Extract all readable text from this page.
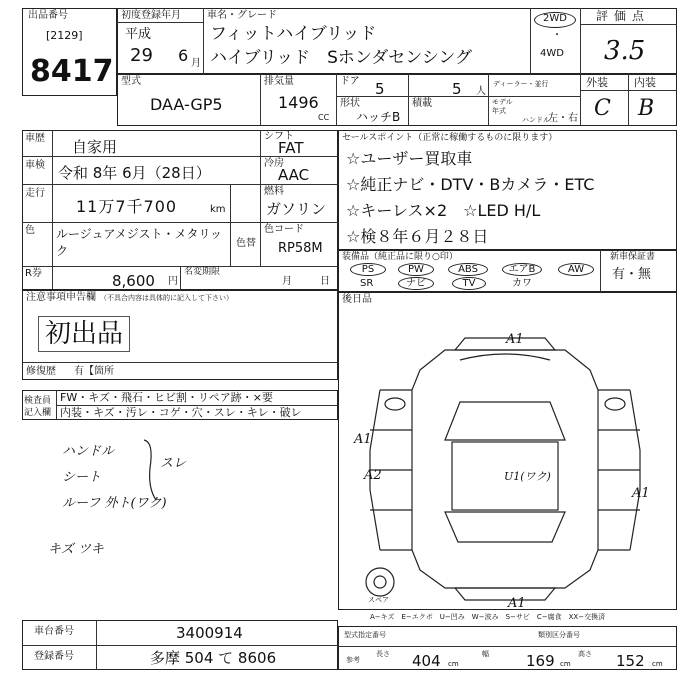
出品番号
[2129]
8417
初度登録年月
平成
29 6 月
車名・グレード
フィットハイブリッド
ハイブリッド　Sホンダセンシング
2WD
・
4WD
評価点
3.5
型式
DAA-GP5
排気量
1496
CC
ドア 5	5 人
形状
ハッチB
積載
ディーラー・並行
モデル年式
ハンドル
左・右
外装 内装
C B
車歴 自家用
シフト
FAT
車検 令和 8年 6月（28日）
冷房
AAC
走行
11万7千700	km
燃料
ガソリン
色 ルージュアメジスト・メタリック
色替
色コード
RP58M
R券	8,600 円
名変期限
月	日
セールスポイント（正常に稼働するものに限ります）
☆ユーザー買取車
☆純正ナビ・DTV・Bカメラ・ETC
☆キーレス×2　☆LED H/L
☆検８年６月２８日
装備品（純正品に限り○印）	新車保証書
有・無
PS	PW	ABS	エアB	AW
SR	ナビ	TV	カワ
注意事項申告欄 （不具合内容は具体的に記入して下さい）
初出品
修復歴 有【箇所
後日品
検査員記入欄
FW・キズ・飛石・ヒビ割・リペア跡・×要
内装・キズ・汚レ・コゲ・穴・スレ・キレ・破レ
ハンドル
シート
ルーフ 外ト(ワク)
キズ ツキ
スレ
A1
A1
A2	U1(ワク)
A1
A1
スペア
A−キズ　E−エクボ　U−凹み　W−波み　S−サビ　C−腐食　XX−交換済
車台番号	3400914
登録番号	多摩 504 て 8606
型式指定番号	類別区分番号
参考
長さ 404 cm
幅 169 cm
高さ 152 cm
